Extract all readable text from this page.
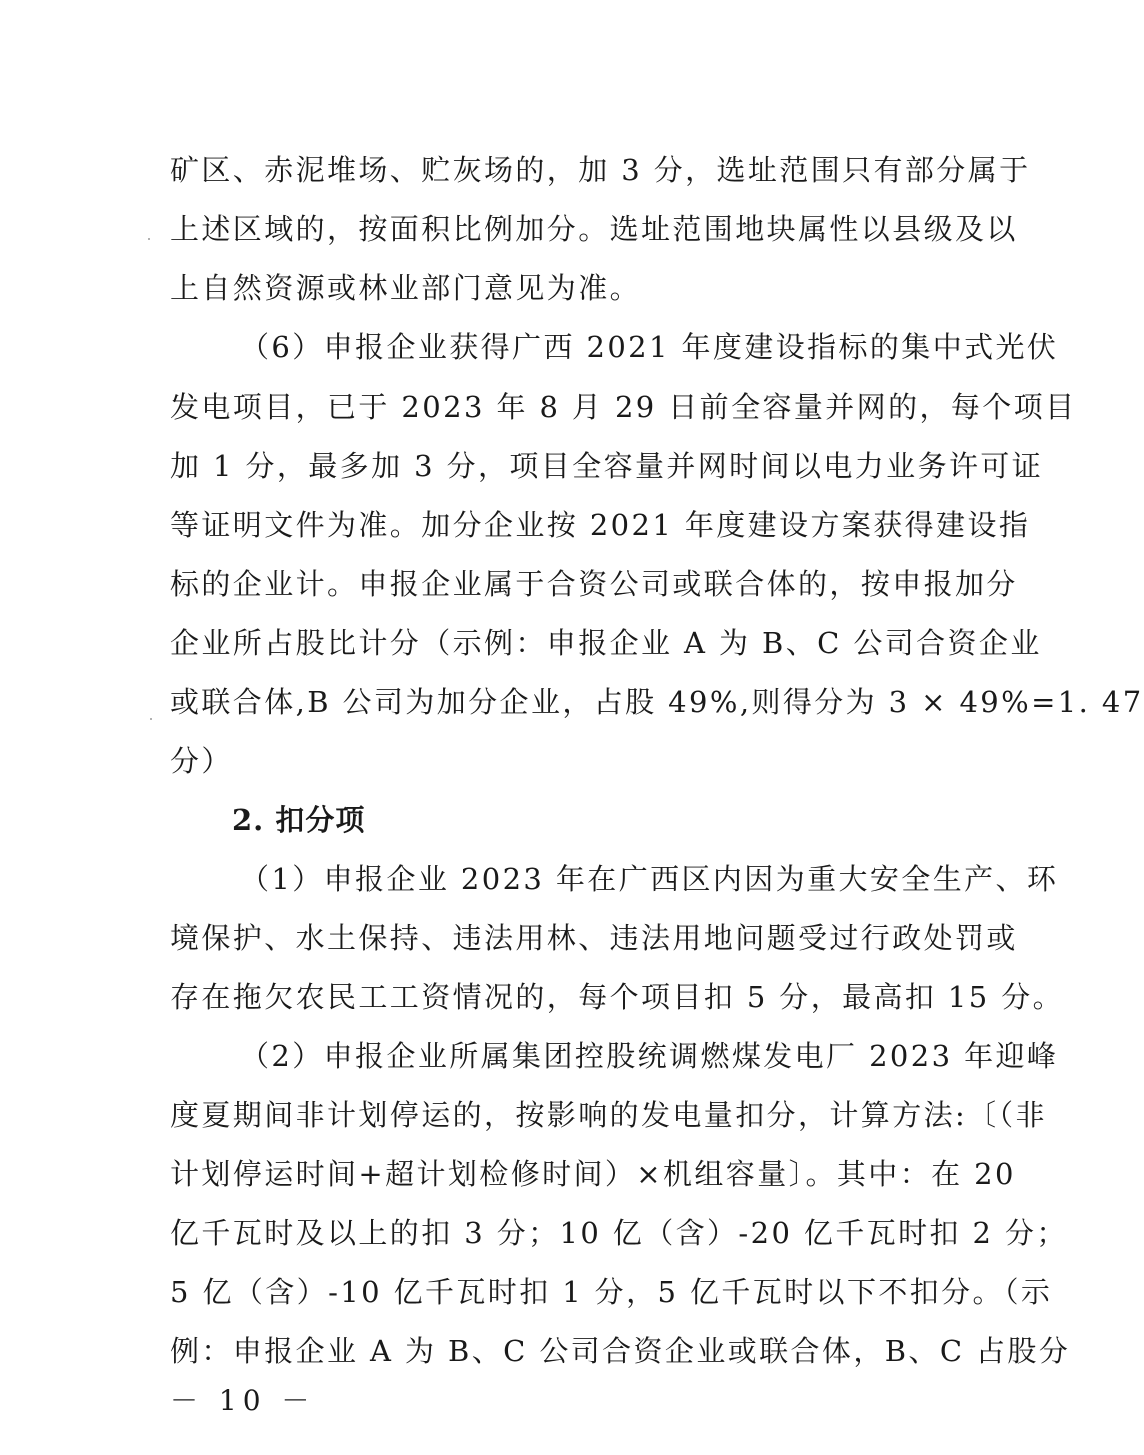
矿区、赤泥堆场、贮灰场的，加 3 分，选址范围只有部分属于
上述区域的，按面积比例加分。选址范围地块属性以县级及以
上自然资源或林业部门意见为准。
（6）申报企业获得广西 2021 年度建设指标的集中式光伏
发电项目，已于 2023 年 8 月 29 日前全容量并网的，每个项目
加 1 分，最多加 3 分，项目全容量并网时间以电力业务许可证
等证明文件为准。加分企业按 2021 年度建设方案获得建设指
标的企业计。申报企业属于合资公司或联合体的，按申报加分
企业所占股比计分（示例：申报企业 A 为 B、C 公司合资企业
或联合体,B 公司为加分企业，占股 49%,则得分为 3 × 49%=1. 47
分）
2. 扣分项
（1）申报企业 2023 年在广西区内因为重大安全生产、环
境保护、水土保持、违法用林、违法用地问题受过行政处罚或
存在拖欠农民工工资情况的，每个项目扣 5 分，最高扣 15 分。
（2）申报企业所属集团控股统调燃煤发电厂 2023 年迎峰
度夏期间非计划停运的，按影响的发电量扣分，计算方法:〔（非
计划停运时间+超计划检修时间）×机组容量〕。其中：在 20
亿千瓦时及以上的扣 3 分；10 亿（含）-20 亿千瓦时扣 2 分；
5 亿（含）-10 亿千瓦时扣 1 分，5 亿千瓦时以下不扣分。（示
例：申报企业 A 为 B、C 公司合资企业或联合体，B、C 占股分
－ 10 －
